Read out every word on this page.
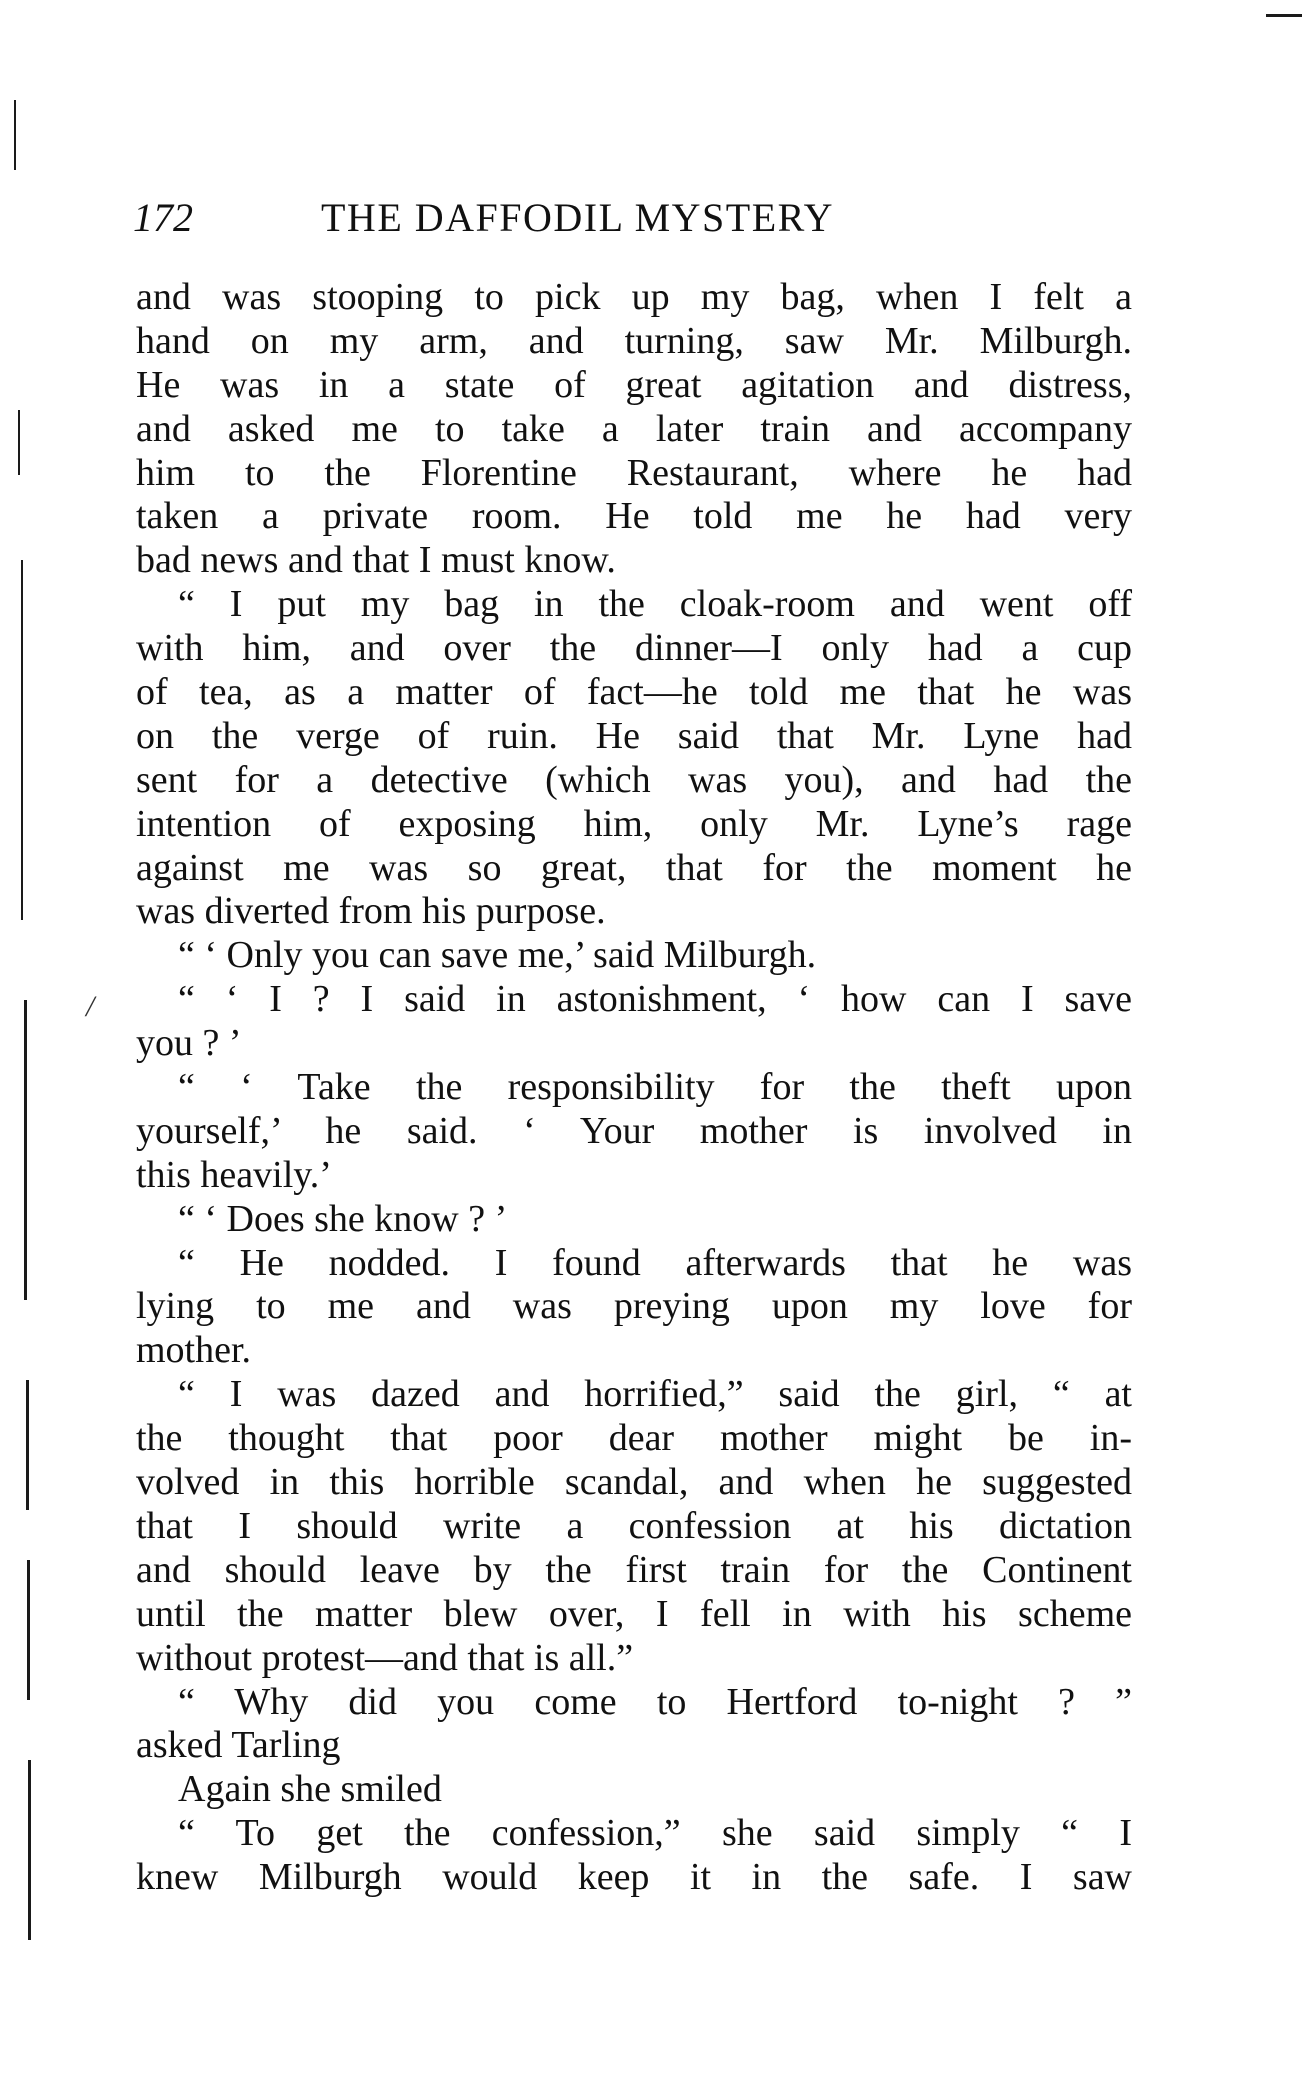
/
172	THE DAFFODIL MYSTERY
and was stooping to pick up my bag, when I felt a
hand on my arm, and turning, saw Mr. Milburgh.
He was in a state of great agitation and distress,
and asked me to take a later train and accompany
him to the Florentine Restaurant, where he had
taken a private room. He told me he had very
bad news and that I must know.
“ I put my bag in the cloak-room and went off
with him, and over the dinner—I only had a cup
of tea, as a matter of fact—he told me that he was
on the verge of ruin. He said that Mr. Lyne had
sent for a detective (which was you), and had the
intention of exposing him, only Mr. Lyne’s rage
against me was so great, that for the moment he
was diverted from his purpose.
“ ‘ Only you can save me,’ said Milburgh.
“ ‘ I ? I said in astonishment, ‘ how can I save
you ? ’
“ ‘ Take the responsibility for the theft upon
yourself,’ he said. ‘ Your mother is involved in
this heavily.’
“ ‘ Does she know ? ’
“ He nodded. I found afterwards that he was
lying to me and was preying upon my love for
mother.
“ I was dazed and horrified,” said the girl, “ at
the thought that poor dear mother might be in-
volved in this horrible scandal, and when he suggested
that I should write a confession at his dictation
and should leave by the first train for the Continent
until the matter blew over, I fell in with his scheme
without protest—and that is all.”
“ Why did you come to Hertford to-night ? ”
asked Tarling
Again she smiled
“ To get the confession,” she said simply “ I
knew Milburgh would keep it in the safe. I saw
